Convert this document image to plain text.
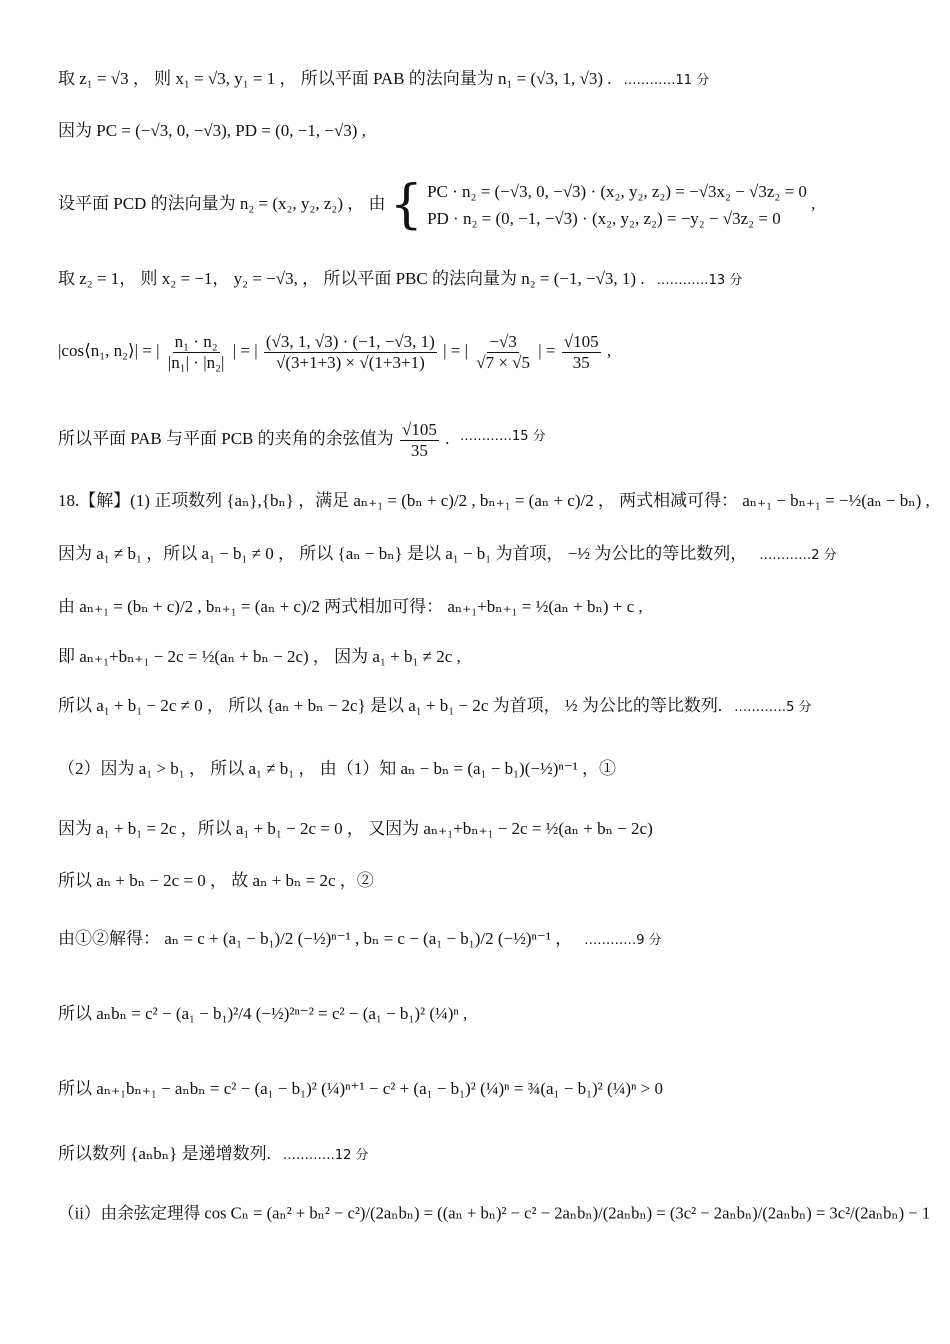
取 z₁ = √3 ， 则 x₁ = √3, y₁ = 1 ， 所以平面 PAB 的法向量为 n₁ = (√3, 1, √3) . …………11 分
因为 PC = (−√3, 0, −√3), PD = (0, −1, −√3) ,
取 z₂ = 1， 则 x₂ = −1， y₂ = −√3, ， 所以平面 PBC 的法向量为 n₂ = (−1, −√3, 1) . …………13 分
所以平面 PAB 与平面 PCB 的夹角的余弦值为	…………15 分
18.【解】(1) 正项数列 {aₙ},{bₙ} ，满足 aₙ₊₁ = (bₙ + c)/2 , bₙ₊₁ = (aₙ + c)/2 ， 两式相减可得： aₙ₊₁ − bₙ₊₁ = −½(aₙ − bₙ) ,
因为 a₁ ≠ b₁ ，所以 a₁ − b₁ ≠ 0 ， 所以 {aₙ − bₙ} 是以 a₁ − b₁ 为首项， −½ 为公比的等比数列， …………2 分
由 aₙ₊₁ = (bₙ + c)/2 , bₙ₊₁ = (aₙ + c)/2 两式相加可得： aₙ₊₁+bₙ₊₁ = ½(aₙ + bₙ) + c ,
即 aₙ₊₁+bₙ₊₁ − 2c = ½(aₙ + bₙ − 2c) ， 因为 a₁ + b₁ ≠ 2c ,
所以 a₁ + b₁ − 2c ≠ 0 ， 所以 {aₙ + bₙ − 2c} 是以 a₁ + b₁ − 2c 为首项， ½ 为公比的等比数列. …………5 分
（2）因为 a₁ > b₁ ， 所以 a₁ ≠ b₁ ， 由（1）知 aₙ − bₙ = (a₁ − b₁)(−½)ⁿ⁻¹ ，①
因为 a₁ + b₁ = 2c ，所以 a₁ + b₁ − 2c = 0 ， 又因为 aₙ₊₁+bₙ₊₁ − 2c = ½(aₙ + bₙ − 2c)
所以 aₙ + bₙ − 2c = 0 ， 故 aₙ + bₙ = 2c ，②
由①②解得： aₙ = c + (a₁ − b₁)/2 (−½)ⁿ⁻¹ , bₙ = c − (a₁ − b₁)/2 (−½)ⁿ⁻¹ ， …………9 分
所以 aₙbₙ = c² − (a₁ − b₁)²/4 (−½)²ⁿ⁻² = c² − (a₁ − b₁)² (¼)ⁿ ,
所以 aₙ₊₁bₙ₊₁ − aₙbₙ = c² − (a₁ − b₁)² (¼)ⁿ⁺¹ − c² + (a₁ − b₁)² (¼)ⁿ = ¾(a₁ − b₁)² (¼)ⁿ > 0
所以数列 {aₙbₙ} 是递增数列. …………12 分
（ii）由余弦定理得 cos Cₙ = (aₙ² + bₙ² − c²)/(2aₙbₙ) = ((aₙ + bₙ)² − c² − 2aₙbₙ)/(2aₙbₙ) = (3c² − 2aₙbₙ)/(2aₙbₙ) = 3c²/(2aₙbₙ) − 1
设平面 PCD 的法向量为 n₂ = (x₂, y₂, z₂) ， 由 { PC · n₂ = (−√3, 0, −√3) · (x₂, y₂, z₂) = −√3x₂ − √3z₂ = 0
PD · n₂ = (0, −1, −√3) · (x₂, y₂, z₂) = −y₂ − √3z₂ = 0
,
|cos⟨n₁, n₂⟩| = | $\frac{\text{n₁ · n₂}}{\text{|n₁| · |n₂|}}$ | = | $\frac{(√3, 1, √3) \cdot (-1, -√3, 1)}{√(3+1+3) \times √(1+3+1)}$ | = | $\frac{-√3}{√7 \times √5}$ | = $\frac{√105}{35}$ ,
$\frac{√105}{35}$ .
